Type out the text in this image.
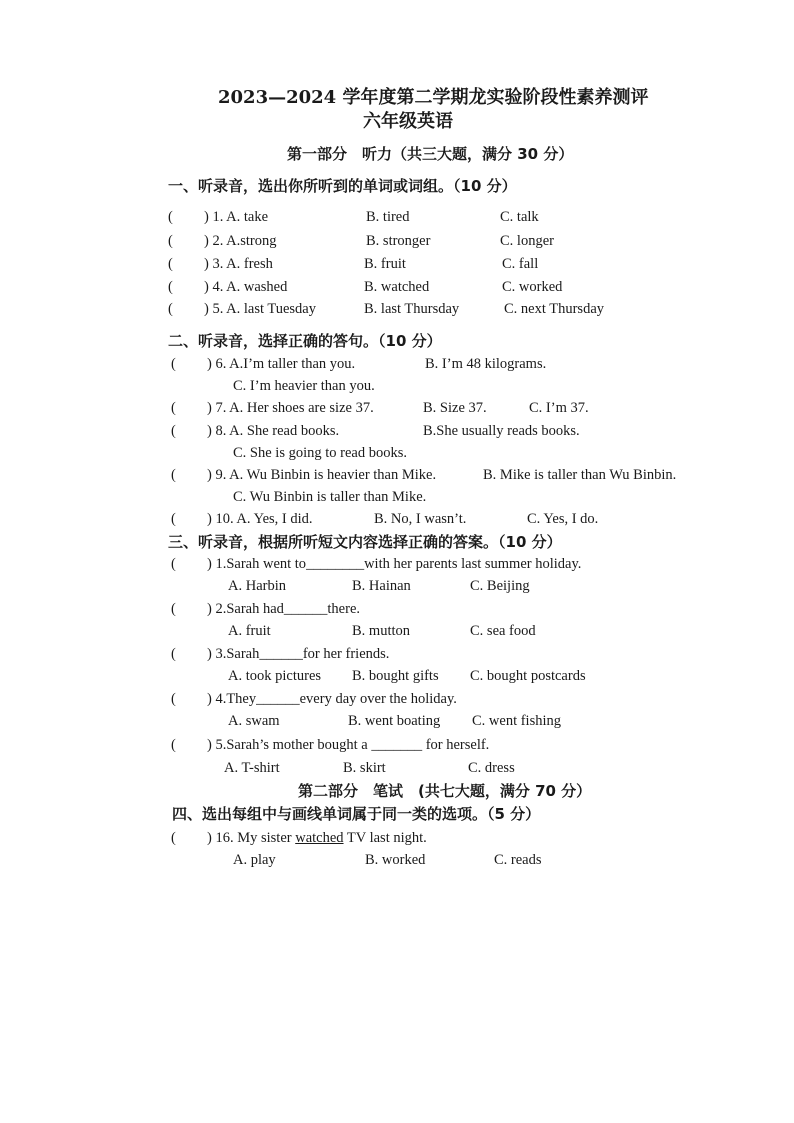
2023—2024 学年度第二学期龙实验阶段性素养测评
六年级英语
第一部分　听力（共三大题，满分 30 分）
一、听录音，选出你所听到的单词或词组。（10 分）
( ) 1. A. take	B. tired	C. talk
( ) 2. A.strong	B. stronger	C. longer
( ) 3. A. fresh	B. fruit	C. fall
( ) 4. A. washed	B. watched	C. worked
( ) 5. A. last Tuesday	B. last Thursday	C. next Thursday
二、听录音，选择正确的答句。（10 分）
( ) 6. A.I’m taller than you.	B. I’m 48 kilograms.
C. I’m heavier than you.
( ) 7. A. Her shoes are size 37.	B. Size 37.	C. I’m 37.
( ) 8. A. She read books.	B.She usually reads books.
C. She is going to read books.
( ) 9. A. Wu Binbin is heavier than Mike.	B. Mike is taller than Wu Binbin.
C. Wu Binbin is taller than Mike.
( ) 10. A. Yes, I did.	B. No, I wasn’t.	C. Yes, I do.
三、听录音，根据所听短文内容选择正确的答案。（10 分）
( ) 1.Sarah went to________with her parents last summer holiday.
A. Harbin	B. Hainan	C. Beijing
( ) 2.Sarah had______there.
A. fruit	B. mutton	C. sea food
( ) 3.Sarah______for her friends.
A. took pictures B. bought gifts C. bought postcards
( ) 4.They______every day over the holiday.
A. swam	B. went boating C. went fishing
( ) 5.Sarah’s mother bought a _______ for herself.
A. T-shirt	B. skirt	C. dress
第二部分　笔试　(共七大题，满分 70 分）
四、选出每组中与画线单词属于同一类的选项。（5 分）
( ) 16. My sister watched TV last night.
A. play	B. worked	C. reads
